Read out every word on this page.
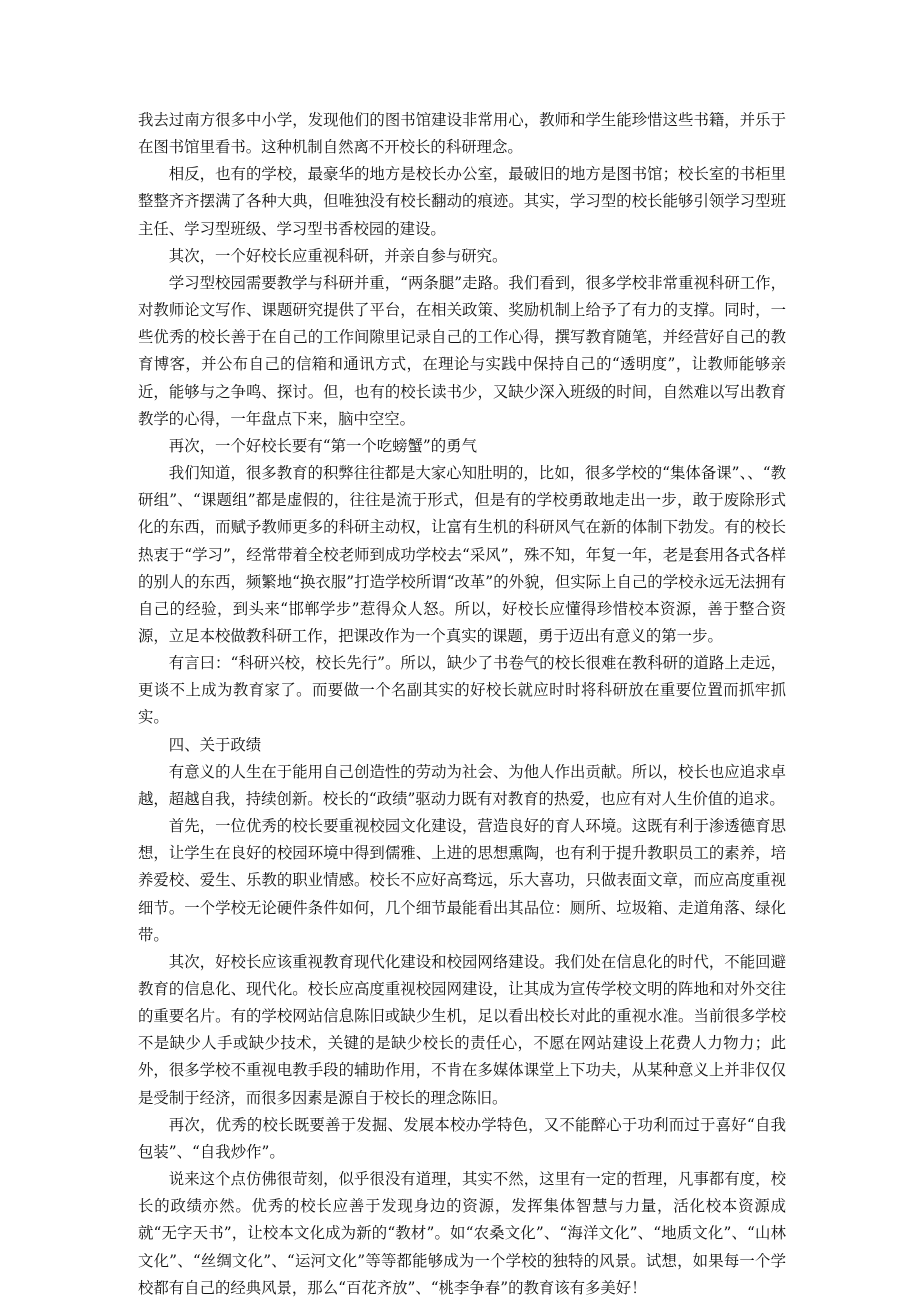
我去过南方很多中小学，发现他们的图书馆建设非常用心，教师和学生能珍惜这些书籍，并乐于在图书馆里看书。这种机制自然离不开校长的科研理念。

相反，也有的学校，最豪华的地方是校长办公室，最破旧的地方是图书馆；校长室的书柜里整整齐齐摆满了各种大典，但唯独没有校长翻动的痕迹。其实，学习型的校长能够引领学习型班主任、学习型班级、学习型书香校园的建设。

其次，一个好校长应重视科研，并亲自参与研究。

学习型校园需要教学与科研并重，“两条腿”走路。我们看到，很多学校非常重视科研工作，对教师论文写作、课题研究提供了平台，在相关政策、奖励机制上给予了有力的支撑。同时，一些优秀的校长善于在自己的工作间隙里记录自己的工作心得，撰写教育随笔，并经营好自己的教育博客，并公布自己的信箱和通讯方式，在理论与实践中保持自己的“透明度”，让教师能够亲近，能够与之争鸣、探讨。但，也有的校长读书少，又缺少深入班级的时间，自然难以写出教育教学的心得，一年盘点下来，脑中空空。

再次，一个好校长要有“第一个吃螃蟹”的勇气

我们知道，很多教育的积弊往往都是大家心知肚明的，比如，很多学校的“集体备课”、、“教研组”、“课题组”都是虚假的，往往是流于形式，但是有的学校勇敢地走出一步，敢于废除形式化的东西，而赋予教师更多的科研主动权，让富有生机的科研风气在新的体制下勃发。有的校长热衷于“学习”，经常带着全校老师到成功学校去“采风”，殊不知，年复一年，老是套用各式各样的别人的东西，频繁地“换衣服”打造学校所谓“改革”的外貌，但实际上自己的学校永远无法拥有自己的经验，到头来“邯郸学步”惹得众人怒。所以，好校长应懂得珍惜校本资源，善于整合资源，立足本校做教科研工作，把课改作为一个真实的课题，勇于迈出有意义的第一步。

有言曰：“科研兴校，校长先行”。所以，缺少了书卷气的校长很难在教科研的道路上走远，更谈不上成为教育家了。而要做一个名副其实的好校长就应时时将科研放在重要位置而抓牢抓实。

四、关于政绩

有意义的人生在于能用自己创造性的劳动为社会、为他人作出贡献。所以，校长也应追求卓越，超越自我，持续创新。校长的“政绩”驱动力既有对教育的热爱，也应有对人生价值的追求。

首先，一位优秀的校长要重视校园文化建设，营造良好的育人环境。这既有利于渗透德育思想，让学生在良好的校园环境中得到儒雅、上进的思想熏陶，也有利于提升教职员工的素养，培养爱校、爱生、乐教的职业情感。校长不应好高骛远，乐大喜功，只做表面文章，而应高度重视细节。一个学校无论硬件条件如何，几个细节最能看出其品位：厕所、垃圾箱、走道角落、绿化带。

其次，好校长应该重视教育现代化建设和校园网络建设。我们处在信息化的时代，不能回避教育的信息化、现代化。校长应高度重视校园网建设，让其成为宣传学校文明的阵地和对外交往的重要名片。有的学校网站信息陈旧或缺少生机，足以看出校长对此的重视水准。当前很多学校不是缺少人手或缺少技术，关键的是缺少校长的责任心，不愿在网站建设上花费人力物力；此外，很多学校不重视电教手段的辅助作用，不肯在多媒体课堂上下功夫，从某种意义上并非仅仅是受制于经济，而很多因素是源自于校长的理念陈旧。

再次，优秀的校长既要善于发掘、发展本校办学特色，又不能醉心于功利而过于喜好“自我包装”、“自我炒作”。

说来这个点仿佛很苛刻，似乎很没有道理，其实不然，这里有一定的哲理，凡事都有度，校长的政绩亦然。优秀的校长应善于发现身边的资源，发挥集体智慧与力量，活化校本资源成就“无字天书”，让校本文化成为新的“教材”。如“农桑文化”、“海洋文化”、“地质文化”、“山林文化”、“丝绸文化”、“运河文化”等等都能够成为一个学校的独特的风景。试想，如果每一个学校都有自己的经典风景，那么“百花齐放”、“桃李争春”的教育该有多美好！
